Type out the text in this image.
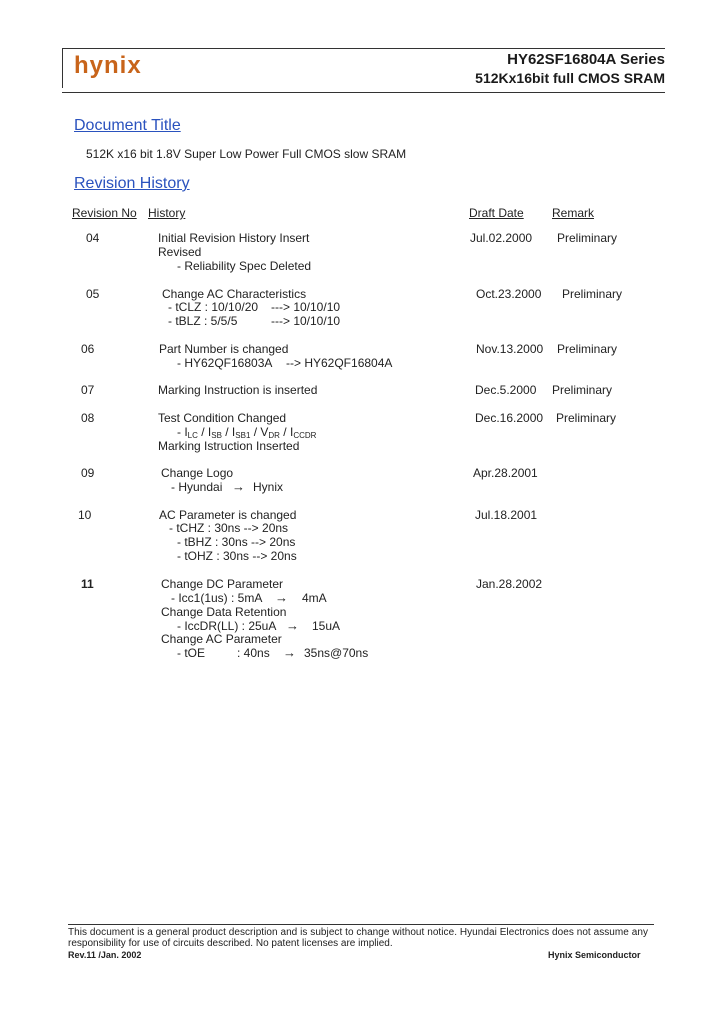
hynix	HY62SF16804A Series
512Kx16bit full CMOS SRAM
Document Title
512K x16 bit 1.8V Super Low Power Full CMOS slow SRAM
Revision History
Revision No History	Draft Date Remark
04	Initial Revision History Insert
Revised
- Reliability Spec Deleted
Jul.02.2000 Preliminary
05	Change AC Characteristics
- tCLZ : 10/10/20 ---> 10/10/10
- tBLZ : 5/5/5	---> 10/10/10
Oct.23.2000 Preliminary
06	Part Number is changed
- HY62QF16803A --> HY62QF16804A
Nov.13.2000 Preliminary
07	Marking Instruction is inserted	Dec.5.2000 Preliminary
08	Test Condition Changed
- $I_{LC} / I_{SB} / I_{SB1} / V_{DR} / I_{CCDR}$
Marking Istruction Inserted
Dec.16.2000 Preliminary
09	Change Logo
- Hyundai → Hynix
Apr.28.2001
10	AC Parameter is changed
- tCHZ : 30ns --> 20ns
- tBHZ : 30ns --> 20ns
- tOHZ : 30ns --> 20ns
Jul.18.2001
11	Change DC Parameter
- Icc1(1us) : 5mA → 4mA
Change Data Retention
- IccDR(LL) : 25uA → 15uA
Change AC Parameter
- tOE	: 40ns → 35ns@70ns
Jan.28.2002
This document is a general product description and is subject to change without notice. Hyundai Electronics does not assume any
responsibility for use of circuits described. No patent licenses are implied.
Rev.11 /Jan. 2002	Hynix Semiconductor
